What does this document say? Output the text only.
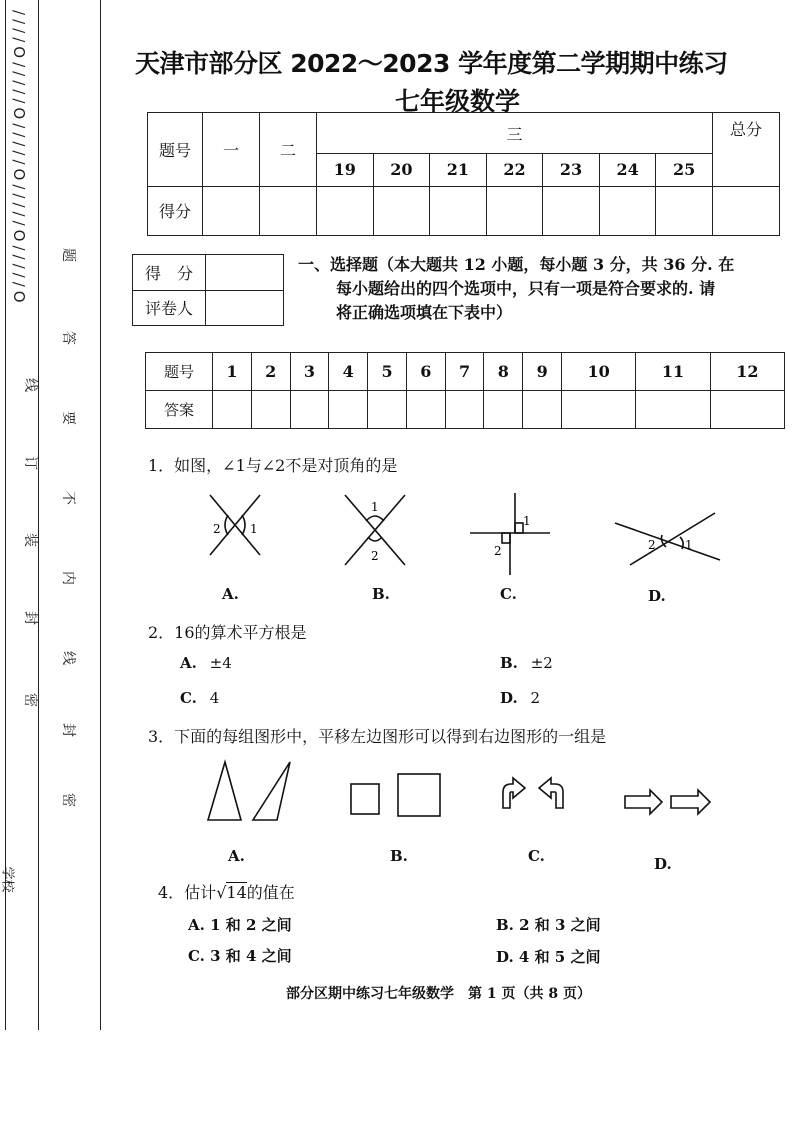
////O/////O/////O/////O/////O
线
订
装
封
密
题
答
要
不
内
线
封
密
学校
天津市部分区 2022～2023 学年度第二学期期中练习
七年级数学
题号	一	二	三							总分
			19	20	21	22	23	24	25	
得分										
得　分	
评卷人	
一、选择题（本大题共 12 小题，每小题 3 分，共 36 分. 在
每小题给出的四个选项中，只有一项是符合要求的. 请
将正确选项填在下表中）
题号	1	2	3	4	5	6	7	8	9	10	11	12
答案												
1．如图，∠1与∠2不是对顶角的是
2 1
1
2
1
2	2 1
A.	B.	C.	D.
2．16的算术平方根是
A. ±4	B. ±2
C. 4	D. 2
3．下面的每组图形中，平移左边图形可以得到右边图形的一组是
A.	B.	C.	D.
4．估计√14的值在
A. 1 和 2 之间	B. 2 和 3 之间
C. 3 和 4 之间	D. 4 和 5 之间
部分区期中练习七年级数学　第 1 页（共 8 页）
